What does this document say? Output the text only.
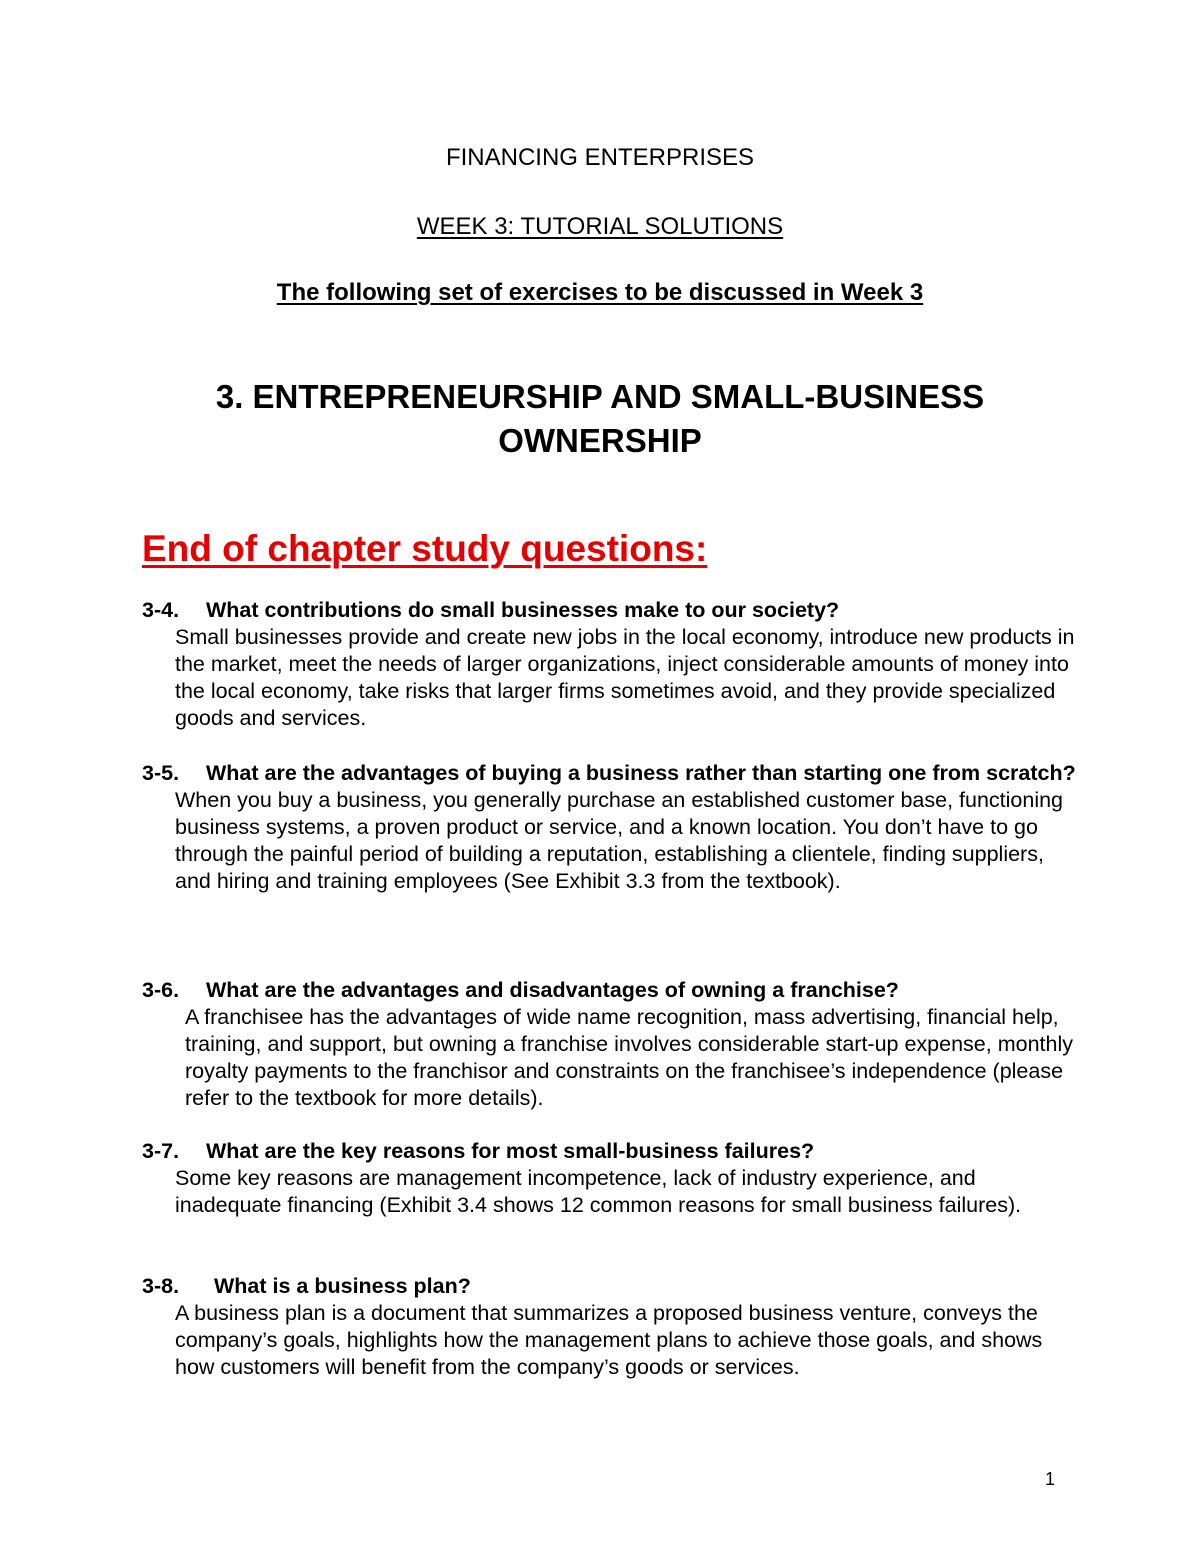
FINANCING ENTERPRISES
WEEK 3: TUTORIAL SOLUTIONS
The following set of exercises to be discussed in Week 3
3. ENTREPRENEURSHIP AND SMALL-BUSINESS
OWNERSHIP
End of chapter study questions:
3-4.	What contributions do small businesses make to our society?
Small businesses provide and create new jobs in the local economy, introduce new products in the market, meet the needs of larger organizations, inject considerable amounts of money into the local economy, take risks that larger firms sometimes avoid, and they provide specialized goods and services.
3-5. What are the advantages of buying a business rather than starting one from scratch?
When you buy a business, you generally purchase an established customer base, functioning business systems, a proven product or service, and a known location. You don’t have to go through the painful period of building a reputation, establishing a clientele, finding suppliers, and hiring and training employees (See Exhibit 3.3 from the textbook).
3-6.	What are the advantages and disadvantages of owning a franchise?
A franchisee has the advantages of wide name recognition, mass advertising, financial help, training, and support, but owning a franchise involves considerable start-up expense, monthly royalty payments to the franchisor and constraints on the franchisee’s independence (please refer to the textbook for more details).
3-7.	What are the key reasons for most small-business failures?
Some key reasons are management incompetence, lack of industry experience, and inadequate financing (Exhibit 3.4 shows 12 common reasons for small business failures).
3-8.	What is a business plan?
A business plan is a document that summarizes a proposed business venture, conveys the company’s goals, highlights how the management plans to achieve those goals, and shows how customers will benefit from the company’s goods or services.
1
